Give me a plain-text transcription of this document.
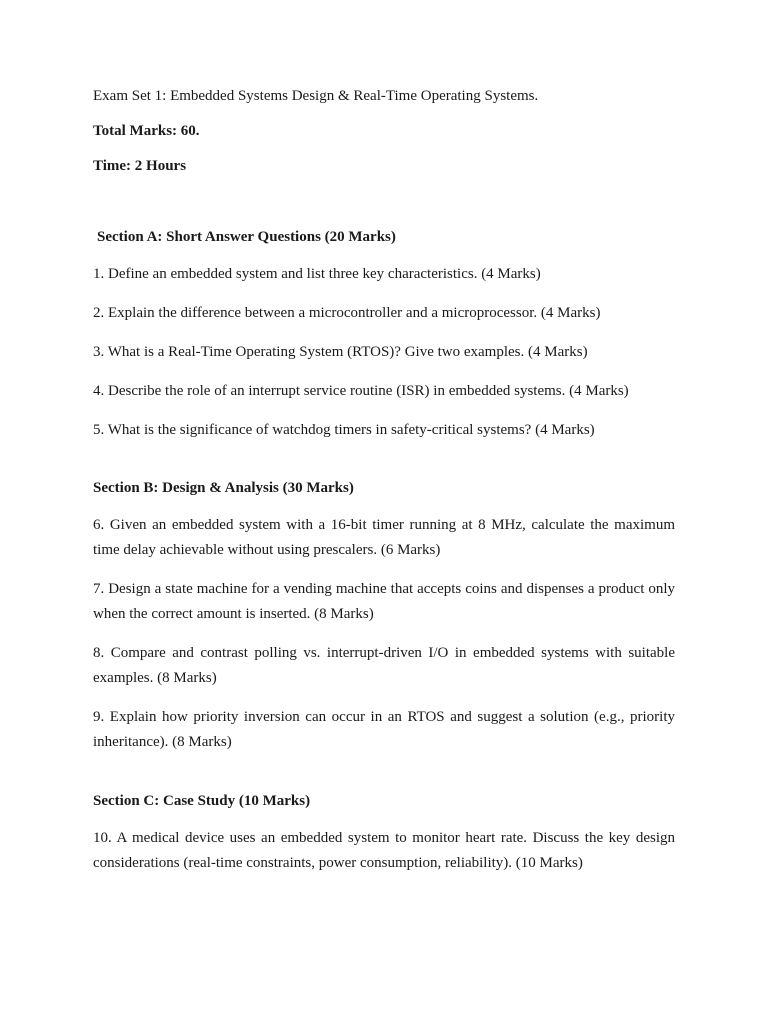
Exam Set 1: Embedded Systems Design & Real-Time Operating Systems.

Total Marks: 60.

Time: 2 Hours

Section A: Short Answer Questions (20 Marks)

1. Define an embedded system and list three key characteristics. (4 Marks)
2. Explain the difference between a microcontroller and a microprocessor. (4 Marks)
3. What is a Real-Time Operating System (RTOS)? Give two examples. (4 Marks)
4. Describe the role of an interrupt service routine (ISR) in embedded systems. (4 Marks)
5. What is the significance of watchdog timers in safety-critical systems? (4 Marks)

Section B: Design & Analysis (30 Marks)

6. Given an embedded system with a 16-bit timer running at 8 MHz, calculate the maximum time delay achievable without using prescalers. (6 Marks)
7. Design a state machine for a vending machine that accepts coins and dispenses a product only when the correct amount is inserted. (8 Marks)
8. Compare and contrast polling vs. interrupt-driven I/O in embedded systems with suitable examples. (8 Marks)
9. Explain how priority inversion can occur in an RTOS and suggest a solution (e.g., priority inheritance). (8 Marks)

Section C: Case Study (10 Marks)

10. A medical device uses an embedded system to monitor heart rate. Discuss the key design considerations (real-time constraints, power consumption, reliability). (10 Marks)
